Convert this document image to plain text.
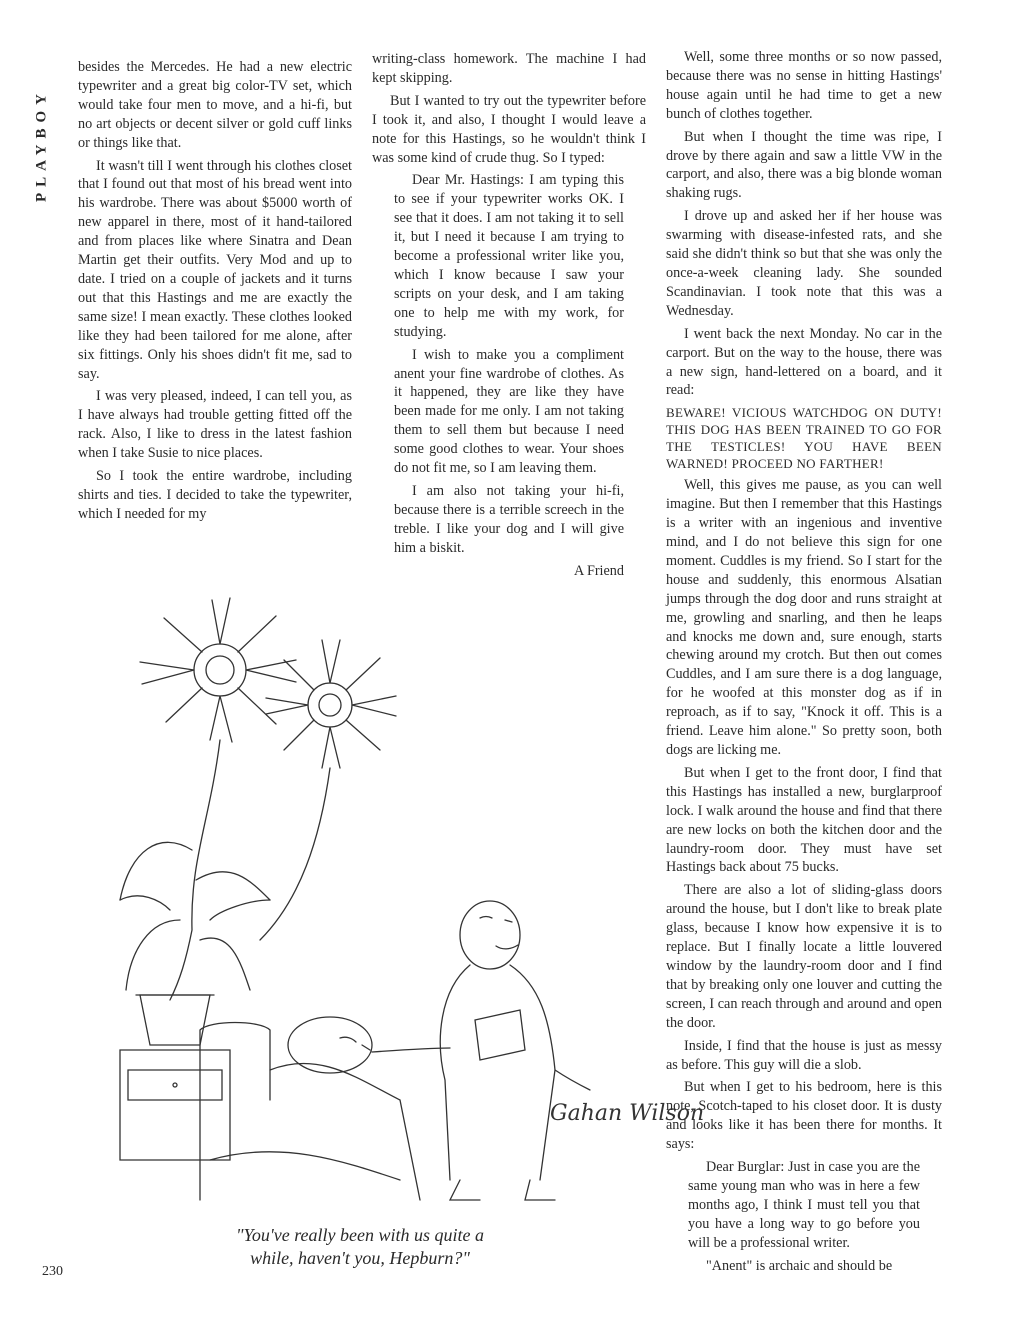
PLAYBOY

besides the Mercedes. He had a new electric typewriter and a great big color-TV set, which would take four men to move, and a hi-fi, but no art objects or decent silver or gold cuff links or things like that.

It wasn't till I went through his clothes closet that I found out that most of his bread went into his wardrobe. There was about $5000 worth of new apparel in there, most of it hand-tailored and from places like where Sinatra and Dean Martin get their outfits. Very Mod and up to date. I tried on a couple of jackets and it turns out that this Hastings and me are exactly the same size! I mean exactly. These clothes looked like they had been tailored for me alone, after six fittings. Only his shoes didn't fit me, sad to say.

I was very pleased, indeed, I can tell you, as I have always had trouble getting fitted off the rack. Also, I like to dress in the latest fashion when I take Susie to nice places.

So I took the entire wardrobe, including shirts and ties. I decided to take the typewriter, which I needed for my

writing-class homework. The machine I had kept skipping.

But I wanted to try out the typewriter before I took it, and also, I thought I would leave a note for this Hastings, so he wouldn't think I was some kind of crude thug. So I typed:

Dear Mr. Hastings: I am typing this to see if your typewriter works OK. I see that it does. I am not taking it to sell it, but I need it because I am trying to become a professional writer like you, which I know because I saw your scripts on your desk, and I am taking one to help me with my work, for studying.

I wish to make you a compliment anent your fine wardrobe of clothes. As it happened, they are like they have been made for me only. I am not taking them to sell them but because I need some good clothes to wear. Your shoes do not fit me, so I am leaving them.

I am also not taking your hi-fi, because there is a terrible screech in the treble. I like your dog and I will give him a biskit.

A Friend

Well, some three months or so now passed, because there was no sense in hitting Hastings' house again until he had time to get a new bunch of clothes together.

But when I thought the time was ripe, I drove by there again and saw a little VW in the carport, and also, there was a big blonde woman shaking rugs.

I drove up and asked her if her house was swarming with disease-infested rats, and she said she didn't think so but that she was only the once-a-week cleaning lady. She sounded Scandinavian. I took note that this was a Wednesday.

I went back the next Monday. No car in the carport. But on the way to the house, there was a new sign, hand-lettered on a board, and it read:

BEWARE! VICIOUS WATCHDOG ON DUTY! THIS DOG HAS BEEN TRAINED TO GO FOR THE TESTICLES! YOU HAVE BEEN WARNED! PROCEED NO FARTHER!

Well, this gives me pause, as you can well imagine. But then I remember that this Hastings is a writer with an ingenious and inventive mind, and I do not believe this sign for one moment. Cuddles is my friend. So I start for the house and suddenly, this enormous Alsatian jumps through the dog door and runs straight at me, growling and snarling, and then he leaps and knocks me down and, sure enough, starts chewing around my crotch. But then out comes Cuddles, and I am sure there is a dog language, for he woofed at this monster dog as if in reproach, as if to say, "Knock it off. This is a friend. Leave him alone." So pretty soon, both dogs are licking me.

But when I get to the front door, I find that this Hastings has installed a new, burglarproof lock. I walk around the house and find that there are new locks on both the kitchen door and the laundry-room door. They must have set Hastings back about 75 bucks.

There are also a lot of sliding-glass doors around the house, but I don't like to break plate glass, because I know how expensive it is to replace. But I finally locate a little louvered window by the laundry-room door and I find that by breaking only one louver and cutting the screen, I can reach through and around and open the door.

Inside, I find that the house is just as messy as before. This guy will die a slob.

But when I get to his bedroom, here is this note, Scotch-taped to his closet door. It is dusty and looks like it has been there for months. It says:

Dear Burglar: Just in case you are the same young man who was in here a few months ago, I think I must tell you that you have a long way to go before you will be a professional writer.

"Anent" is archaic and should be

Gahan Wilson
"You've really been with us quite a
while, haven't you, Hepburn?"
230
